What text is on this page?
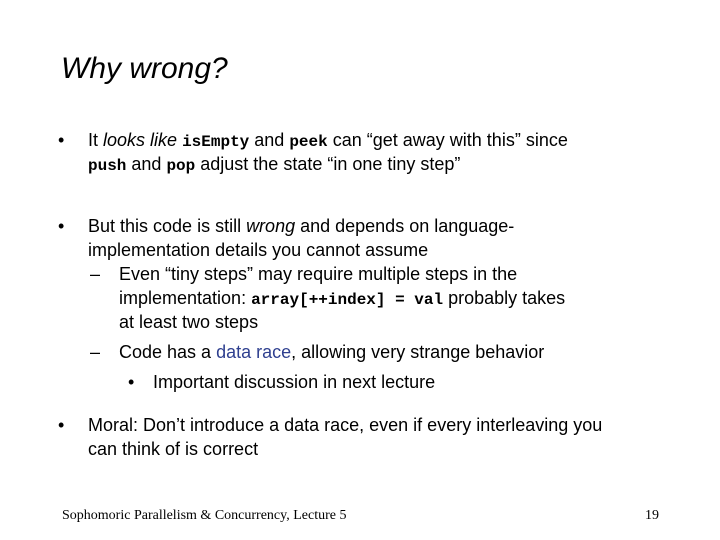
Why wrong?
• It looks like isEmpty and peek can “get away with this” since
push and pop adjust the state “in one tiny step”
• But this code is still wrong and depends on language-
implementation details you cannot assume
– Even “tiny steps” may require multiple steps in the
implementation: array[++index] = val probably takes
at least two steps
– Code has a data race, allowing very strange behavior
• Important discussion in next lecture
• Moral: Don’t introduce a data race, even if every interleaving you
can think of is correct
Sophomoric Parallelism & Concurrency, Lecture 5	19
